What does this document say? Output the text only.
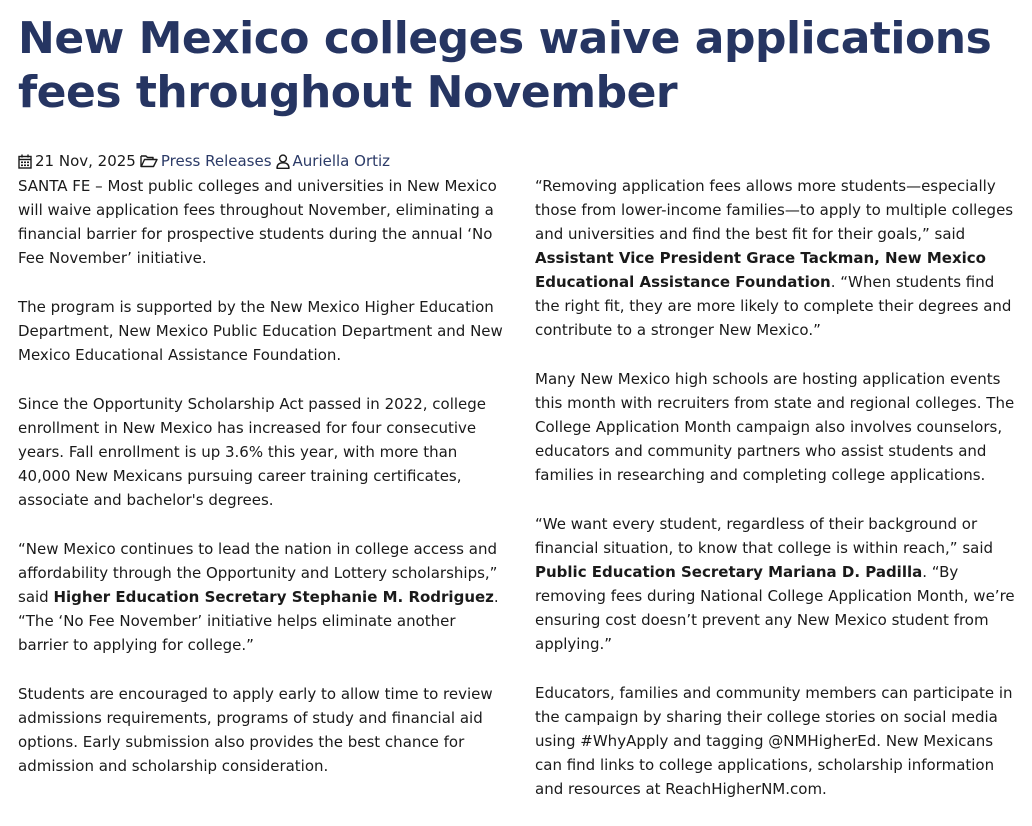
New Mexico colleges waive applications fees throughout November
21 Nov, 2025 Press Releases Auriella Ortiz

SANTA FE – Most public colleges and universities in New Mexico will waive application fees throughout November, eliminating a financial barrier for prospective students during the annual ‘No Fee November’ initiative.

The program is supported by the New Mexico Higher Education Department, New Mexico Public Education Department and New Mexico Educational Assistance Foundation.

Since the Opportunity Scholarship Act passed in 2022, college enrollment in New Mexico has increased for four consecutive years. Fall enrollment is up 3.6% this year, with more than 40,000 New Mexicans pursuing career training certificates, associate and bachelor's degrees.

“New Mexico continues to lead the nation in college access and affordability through the Opportunity and Lottery scholarships,” said Higher Education Secretary Stephanie M. Rodriguez. “The ‘No Fee November’ initiative helps eliminate another barrier to applying for college.”

Students are encouraged to apply early to allow time to review admissions requirements, programs of study and financial aid options. Early submission also provides the best chance for admission and scholarship consideration.

“Removing application fees allows more students—especially those from lower-income families—to apply to multiple colleges and universities and find the best fit for their goals,” said Assistant Vice President Grace Tackman, New Mexico Educational Assistance Foundation. “When students find the right fit, they are more likely to complete their degrees and contribute to a stronger New Mexico.”

Many New Mexico high schools are hosting application events this month with recruiters from state and regional colleges. The College Application Month campaign also involves counselors, educators and community partners who assist students and families in researching and completing college applications.

“We want every student, regardless of their background or financial situation, to know that college is within reach,” said Public Education Secretary Mariana D. Padilla. “By removing fees during National College Application Month, we’re ensuring cost doesn’t prevent any New Mexico student from applying.”

Educators, families and community members can participate in the campaign by sharing their college stories on social media using #WhyApply and tagging @NMHigherEd. New Mexicans can find links to college applications, scholarship information and resources at ReachHigherNM.com.
